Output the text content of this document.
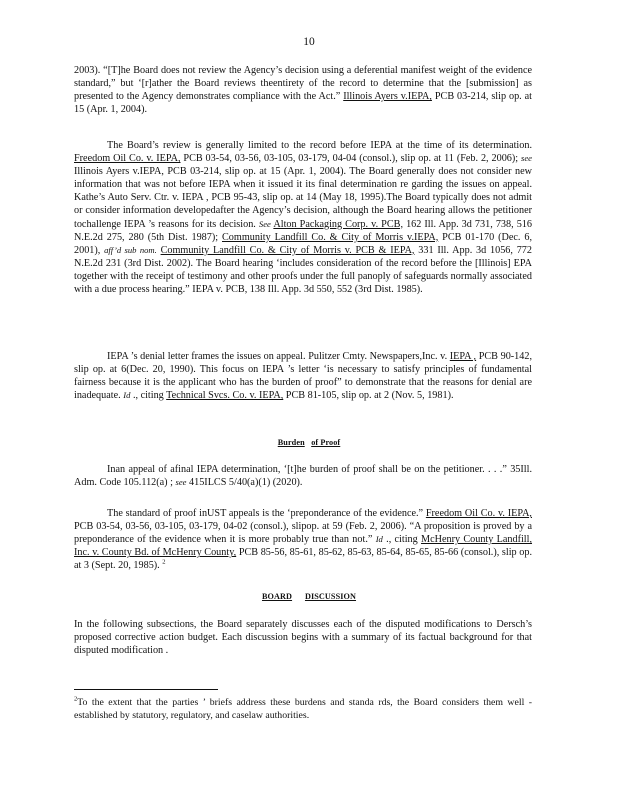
10

2003). “[T]he Board does not review the Agency’s decision using a deferential manifest weight of the evidence standard,” but ‘[r]ather the Board reviews theentirety of the record to determine that the [submission] as presented to the Agency demonstrates compliance with the Act.” Illinois Ayers v.IEPA, PCB 03-214, slip op. at 15 (Apr. 1, 2004).

The Board’s review is generally limited to the record before IEPA at the time of its determination. Freedom Oil Co. v. IEPA, PCB 03-54, 03-56, 03-105, 03-179, 04-04 (consol.), slip op. at 11 (Feb. 2, 2006); see Illinois Ayers v.IEPA, PCB 03-214, slip op. at 15 (Apr. 1, 2004). The Board generally does not consider new information that was not before IEPA when it issued it its final determination re garding the issues on appeal. Kathe’s Auto Serv. Ctr. v. IEPA , PCB 95-43, slip op. at 14 (May 18, 1995).The Board typically does not admit or consider information developedafter the Agency’s decision, although the Board hearing allows the petitioner tochallenge IEPA ’s reasons for its decision. See Alton Packaging Corp. v. PCB, 162 Ill. App. 3d 731, 738, 516 N.E.2d 275, 280 (5th Dist. 1987); Community Landfill Co. & City of Morris v.IEPA, PCB 01-170 (Dec. 6, 2001), aff’d sub nom. Community Landfill Co. & City of Morris v. PCB & IEPA, 331 Ill. App. 3d 1056, 772 N.E.2d 231 (3rd Dist. 2002). The Board hearing ‘includes consideration of the record before the [Illinois] EPA together with the receipt of testimony and other proofs under the full panoply of safeguards normally associated with a due process hearing.” IEPA v. PCB, 138 Ill. App. 3d 550, 552 (3rd Dist. 1985).

IEPA ’s denial letter frames the issues on appeal. Pulitzer Cmty. Newspapers,Inc. v. IEPA , PCB 90-142, slip op. at 6(Dec. 20, 1990). This focus on IEPA ’s letter ‘is necessary to satisfy principles of fundamental fairness because it is the applicant who has the burden of proof” to demonstrate that the reasons for denial are inadequate. Id ., citing Technical Svcs. Co. v. IEPA, PCB 81-105, slip op. at 2 (Nov. 5, 1981).

Burden of Proof

Inan appeal of afinal IEPA determination, ‘[t]he burden of proof shall be on the petitioner. . . .” 35Ill. Adm. Code 105.112(a) ; see 415ILCS 5/40(a)(1) (2020).

The standard of proof inUST appeals is the ‘preponderance of the evidence.” Freedom Oil Co. v. IEPA, PCB 03-54, 03-56, 03-105, 03-179, 04-02 (consol.), slipop. at 59 (Feb. 2, 2006). “A proposition is proved by a preponderance of the evidence when it is more probably true than not.” Id ., citing McHenry County Landfill, Inc. v. County Bd. of McHenry County, PCB 85-56, 85-61, 85-62, 85-63, 85-64, 85-65, 85-66 (consol.), slip op. at 3 (Sept. 20, 1985). $^2$

BOARD DISCUSSION

In the following subsections, the Board separately discusses each of the disputed modifications to Dersch’s proposed corrective action budget. Each discussion begins with a summary of its factual background for that disputed modification .

$^2$To the extent that the parties ’ briefs address these burdens and standa rds, the Board considers them well -established by statutory, regulatory, and caselaw authorities.
